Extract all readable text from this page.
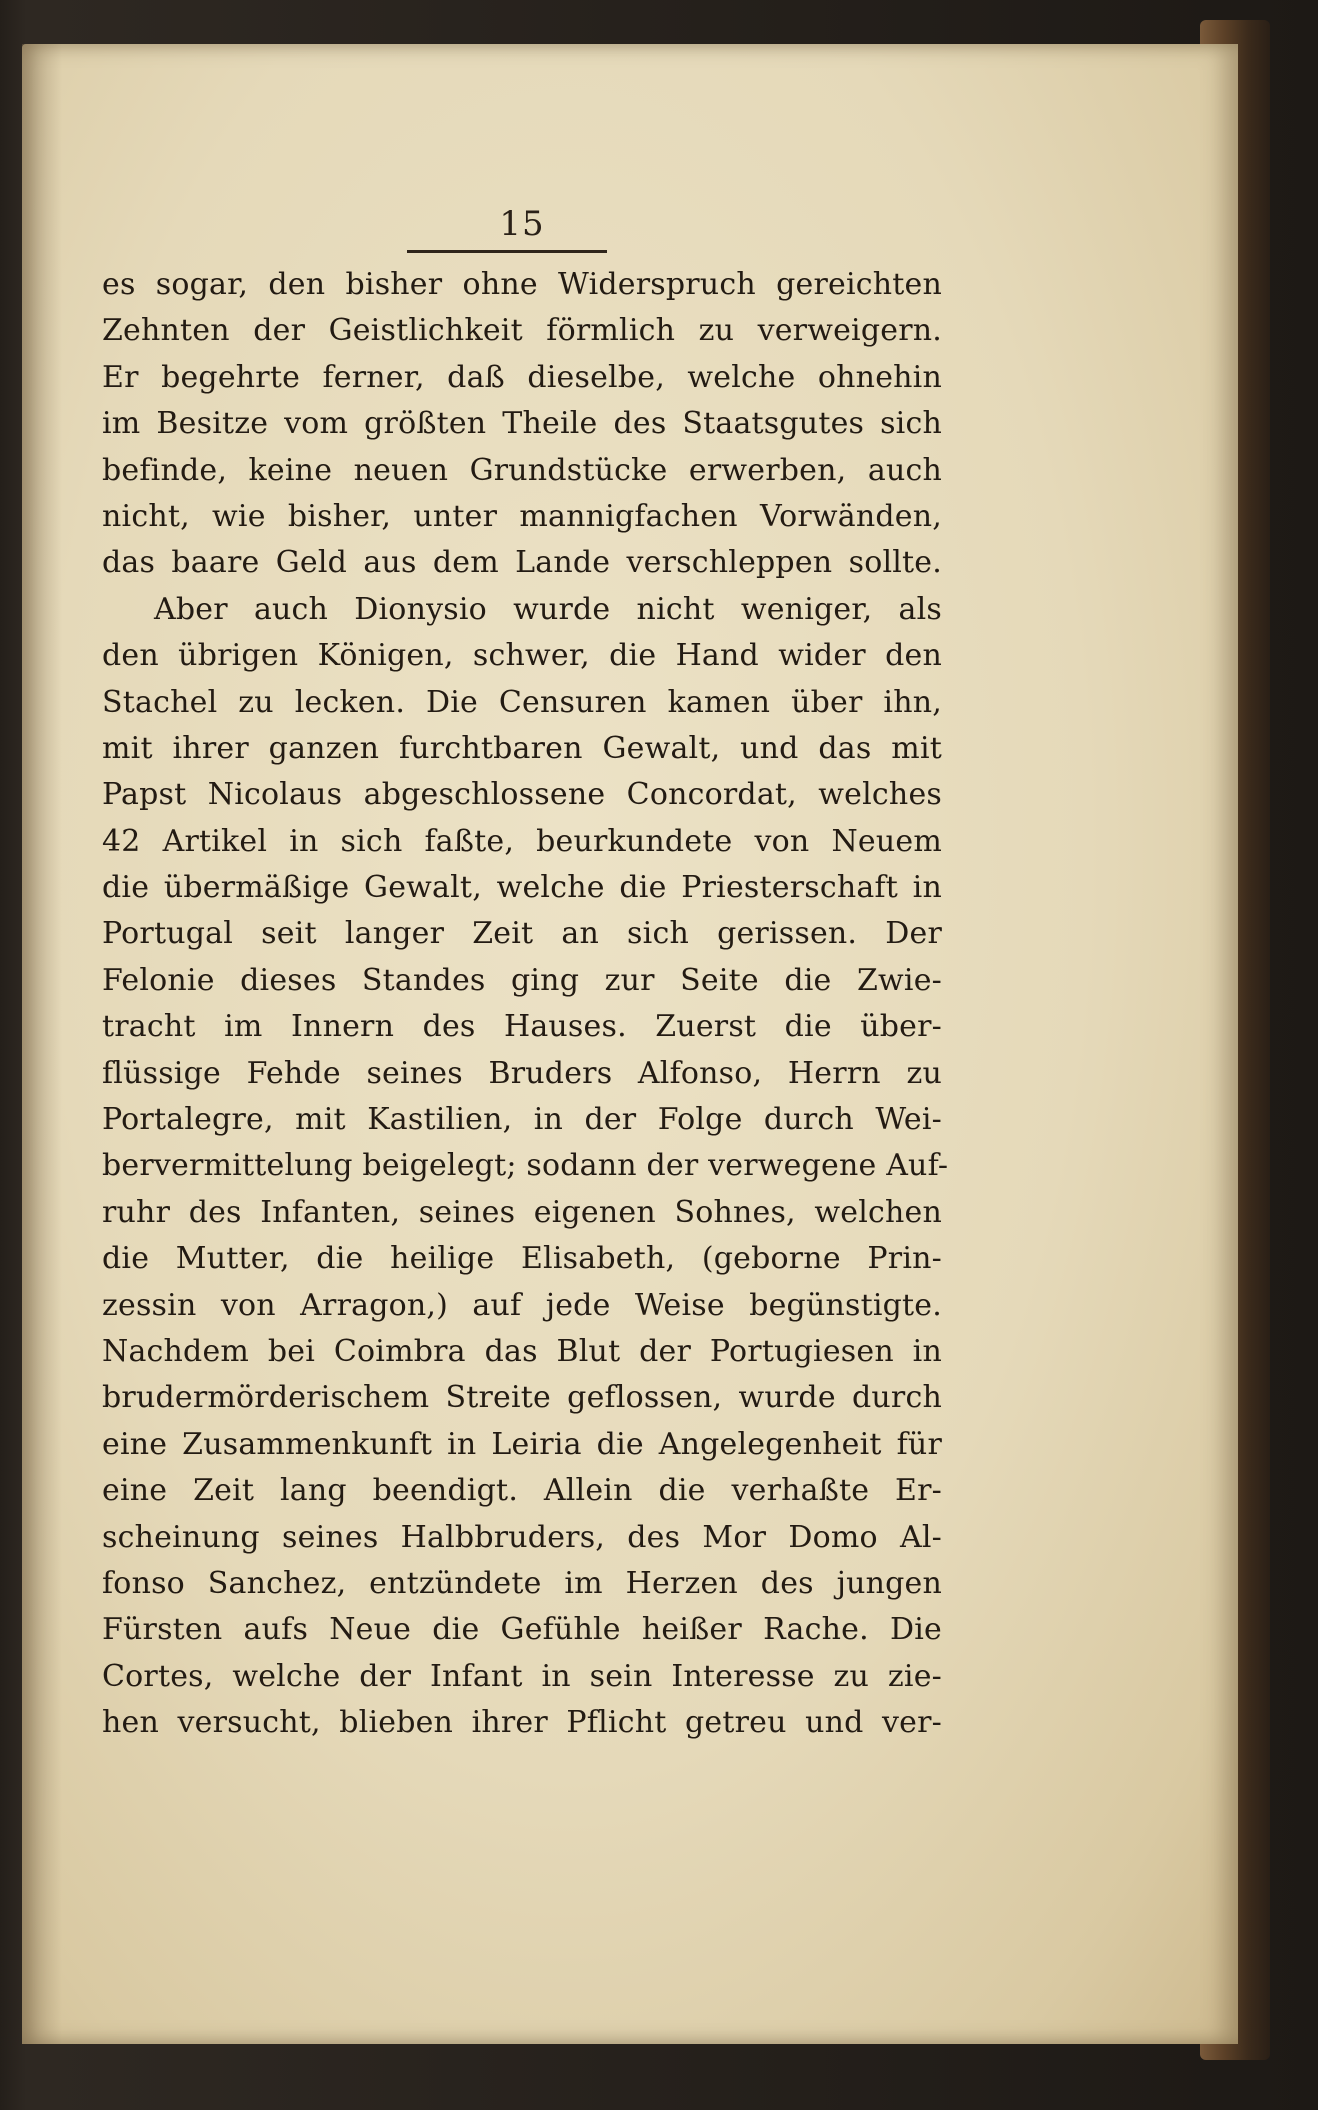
15
es sogar, den bisher ohne Widerspruch gereichten
Zehnten der Geistlichkeit förmlich zu verweigern.
Er begehrte ferner, daß dieselbe, welche ohnehin
im Besitze vom größten Theile des Staatsgutes sich
befinde, keine neuen Grundstücke erwerben, auch
nicht, wie bisher, unter mannigfachen Vorwänden,
das baare Geld aus dem Lande verschleppen sollte.
Aber auch Dionysio wurde nicht weniger, als
den übrigen Königen, schwer, die Hand wider den
Stachel zu lecken. Die Censuren kamen über ihn,
mit ihrer ganzen furchtbaren Gewalt, und das mit
Papst Nicolaus abgeschlossene Concordat, welches
42 Artikel in sich faßte, beurkundete von Neuem
die übermäßige Gewalt, welche die Priesterschaft in
Portugal seit langer Zeit an sich gerissen. Der
Felonie dieses Standes ging zur Seite die Zwie-
tracht im Innern des Hauses. Zuerst die über-
flüssige Fehde seines Bruders Alfonso, Herrn zu
Portalegre, mit Kastilien, in der Folge durch Wei-
bervermittelung beigelegt; sodann der verwegene Auf-
ruhr des Infanten, seines eigenen Sohnes, welchen
die Mutter, die heilige Elisabeth, (geborne Prin-
zessin von Arragon,) auf jede Weise begünstigte.
Nachdem bei Coimbra das Blut der Portugiesen in
brudermörderischem Streite geflossen, wurde durch
eine Zusammenkunft in Leiria die Angelegenheit für
eine Zeit lang beendigt. Allein die verhaßte Er-
scheinung seines Halbbruders, des Mor Domo Al-
fonso Sanchez, entzündete im Herzen des jungen
Fürsten aufs Neue die Gefühle heißer Rache. Die
Cortes, welche der Infant in sein Interesse zu zie-
hen versucht, blieben ihrer Pflicht getreu und ver-
